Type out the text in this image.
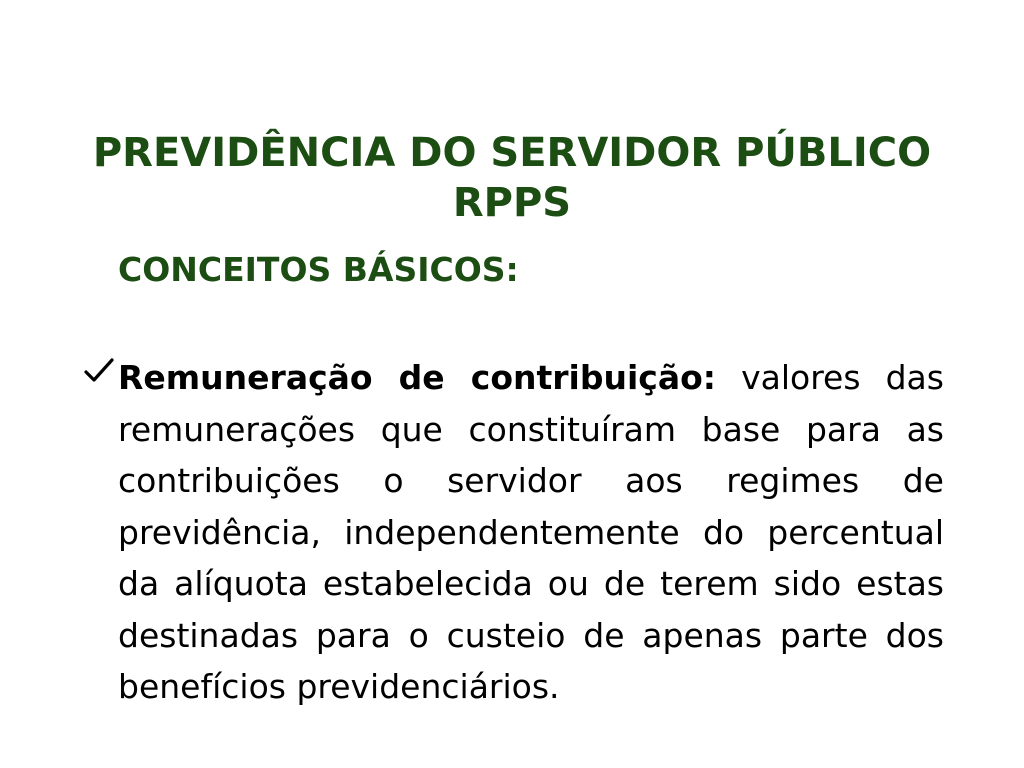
PREVIDÊNCIA DO SERVIDOR PÚBLICO
RPPS
CONCEITOS BÁSICOS:
Remuneração de contribuição: valores das remunerações que constituíram base para as contribuições o servidor aos regimes de previdência, independentemente do percentual da alíquota estabelecida ou de terem sido estas destinadas para o custeio de apenas parte dos benefícios previdenciários.
